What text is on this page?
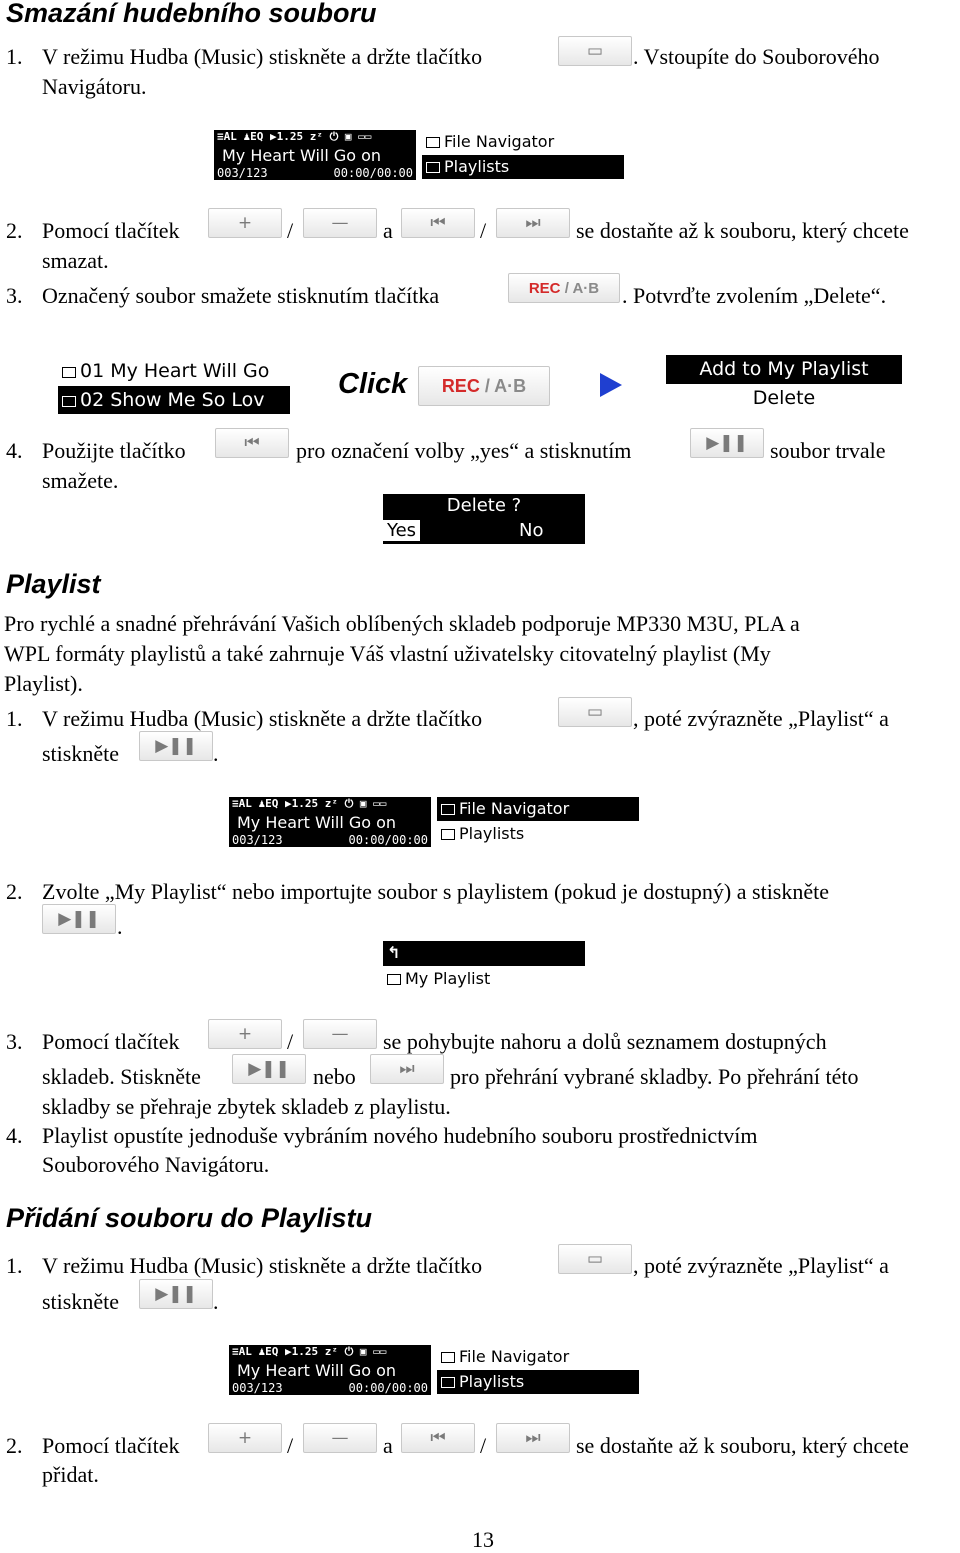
Smazání hudebního souboru
1. V režimu Hudba (Music) stiskněte a držte tlačítko	▭ . Vstoupíte do Souborového
Navigátoru.
≡AL ♟EQ ▶1.25 zᶻ ⏻ ▣ ▭▭
My Heart Will Go on
003/123	00:00/00:00
File Navigator
Playlists
2. Pomocí tlačítek	+ / — a ⏮ / ⏭ se dostaňte až k souboru, který chcete
smazat.
3. Označený soubor smažete stisknutím tlačítka	REC
/ A·B . Potvrďte zvolením „Delete“.
01 My Heart Will Go
02 Show Me So Lov	Click REC
/ A·B
Add to My Playlist
Delete
4. Použijte tlačítko	⏮ pro označení volby „yes“ a stisknutím	▶❚❚ soubor trvale
smažete.
Delete ?
Yes	No
Playlist
Pro rychlé a snadné přehrávání Vašich oblíbených skladeb podporuje MP330 M3U, PLA a
WPL formáty playlistů a také zahrnuje Váš vlastní uživatelsky citovatelný playlist (My
Playlist).
1. V režimu Hudba (Music) stiskněte a držte tlačítko	▭ , poté zvýrazněte „Playlist“ a
stiskněte ▶❚❚ .
≡AL ♟EQ ▶1.25 zᶻ ⏻ ▣ ▭▭
My Heart Will Go on
003/123	00:00/00:00
File Navigator
Playlists
2. Zvolte „My Playlist“ nebo importujte soubor s playlistem (pokud je dostupný) a stiskněte
▶❚❚ .
↰
My Playlist
3. Pomocí tlačítek	+ / — se pohybujte nahoru a dolů seznamem dostupných
skladeb. Stiskněte	▶❚❚ nebo	⏭ pro přehrání vybrané skladby. Po přehrání této
skladby se přehraje zbytek skladeb z playlistu.
4. Playlist opustíte jednoduše vybráním nového hudebního souboru prostřednictvím
Souborového Navigátoru.
Přidání souboru do Playlistu
1. V režimu Hudba (Music) stiskněte a držte tlačítko	▭ , poté zvýrazněte „Playlist“ a
stiskněte ▶❚❚ .
≡AL ♟EQ ▶1.25 zᶻ ⏻ ▣ ▭▭
My Heart Will Go on
003/123	00:00/00:00
File Navigator
Playlists
2. Pomocí tlačítek	+ / — a ⏮ / ⏭ se dostaňte až k souboru, který chcete
přidat.
13
